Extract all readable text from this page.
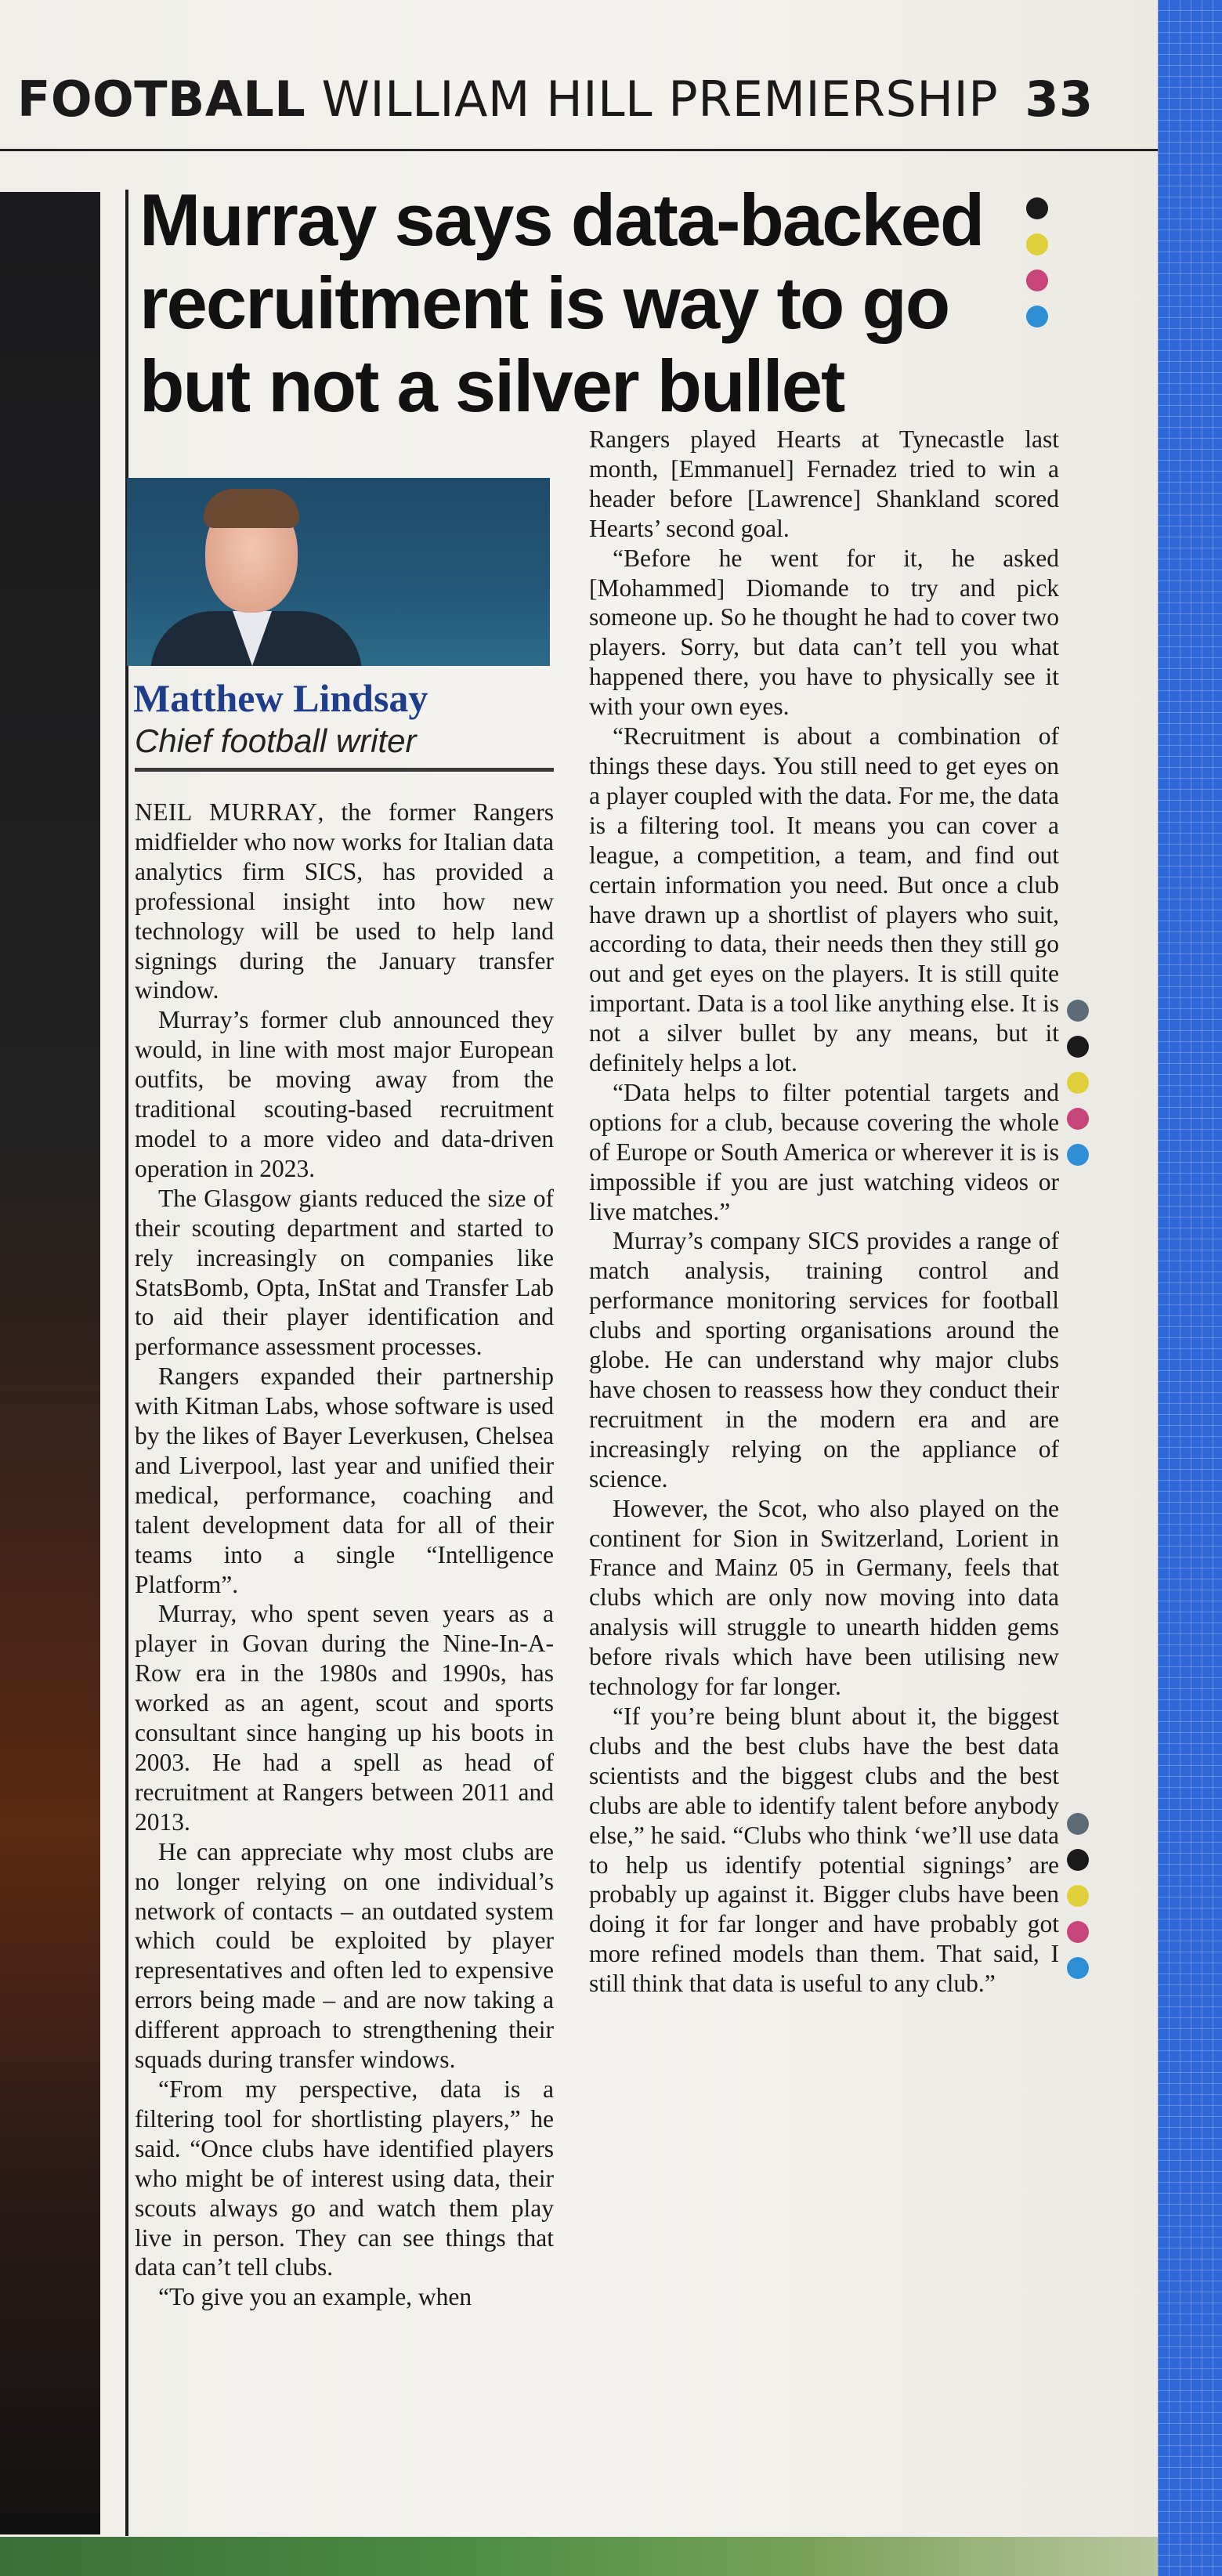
FOOTBALL WILLIAM HILL PREMIERSHIP 33
Murray says data-backed recruitment is way to go but not a silver bullet
Matthew Lindsay
Chief football writer

NEIL MURRAY, the former Rangers midfielder who now works for Italian data analytics firm SICS, has provided a professional insight into how new technology will be used to help land signings during the January transfer window.

Murray’s former club announced they would, in line with most major European outfits, be moving away from the traditional scouting-based recruitment model to a more video and data-driven operation in 2023.

The Glasgow giants reduced the size of their scouting department and started to rely increasingly on companies like StatsBomb, Opta, InStat and Transfer Lab to aid their player identification and performance assessment processes.

Rangers expanded their partnership with Kitman Labs, whose software is used by the likes of Bayer Leverkusen, Chelsea and Liverpool, last year and unified their medical, performance, coaching and talent development data for all of their teams into a single “Intelligence Platform”.

Murray, who spent seven years as a player in Govan during the Nine-In-A-Row era in the 1980s and 1990s, has worked as an agent, scout and sports consultant since hanging up his boots in 2003. He had a spell as head of recruitment at Rangers between 2011 and 2013.

He can appreciate why most clubs are no longer relying on one individual’s network of contacts – an outdated system which could be exploited by player representatives and often led to expensive errors being made – and are now taking a different approach to strengthening their squads during transfer windows.

“From my perspective, data is a filtering tool for shortlisting players,” he said. “Once clubs have identified players who might be of interest using data, their scouts always go and watch them play live in person. They can see things that data can’t tell clubs.

“To give you an example, when

Rangers played Hearts at Tynecastle last month, [Emmanuel] Fernadez tried to win a header before [Lawrence] Shankland scored Hearts’ second goal.

“Before he went for it, he asked [Mohammed] Diomande to try and pick someone up. So he thought he had to cover two players. Sorry, but data can’t tell you what happened there, you have to physically see it with your own eyes.

“Recruitment is about a combination of things these days. You still need to get eyes on a player coupled with the data. For me, the data is a filtering tool. It means you can cover a league, a competition, a team, and find out certain information you need. But once a club have drawn up a shortlist of players who suit, according to data, their needs then they still go out and get eyes on the players. It is still quite important. Data is a tool like anything else. It is not a silver bullet by any means, but it definitely helps a lot.

“Data helps to filter potential targets and options for a club, because covering the whole of Europe or South America or wherever it is is impossible if you are just watching videos or live matches.”

Murray’s company SICS provides a range of match analysis, training control and performance monitoring services for football clubs and sporting organisations around the globe. He can understand why major clubs have chosen to reassess how they conduct their recruitment in the modern era and are increasingly relying on the appliance of science.

However, the Scot, who also played on the continent for Sion in Switzerland, Lorient in France and Mainz 05 in Germany, feels that clubs which are only now moving into data analysis will struggle to unearth hidden gems before rivals which have been utilising new technology for far longer.

“If you’re being blunt about it, the biggest clubs and the best clubs have the best data scientists and the biggest clubs and the best clubs are able to identify talent before anybody else,” he said. “Clubs who think ‘we’ll use data to help us identify potential signings’ are probably up against it. Bigger clubs have been doing it for far longer and have probably got more refined models than them. That said, I still think that data is useful to any club.”
